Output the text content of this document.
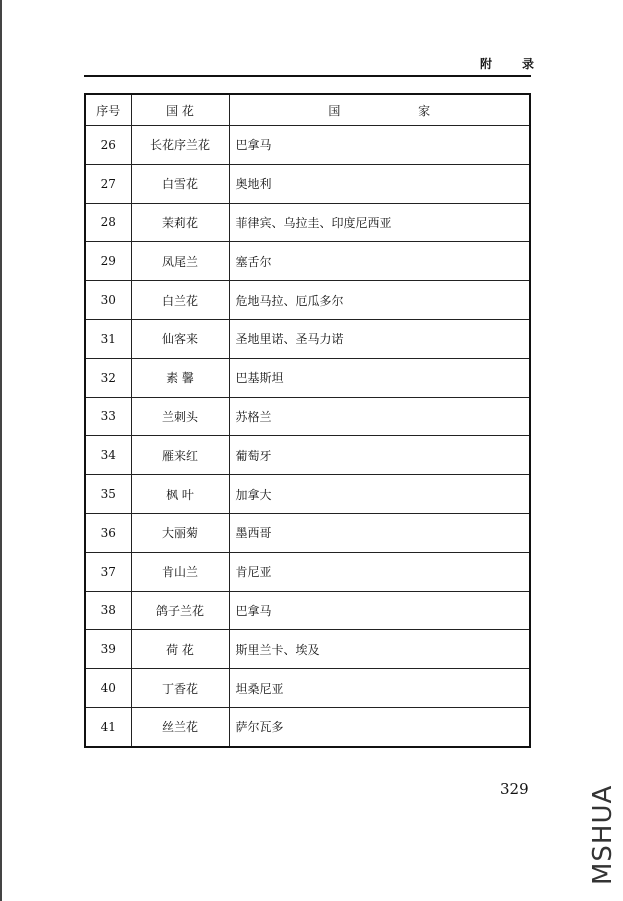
附 录
序号	国 花	国 家

26	长花序兰花	巴拿马
27	白雪花	奥地利
28	茉莉花	菲律宾、乌拉圭、印度尼西亚
29	凤尾兰	塞舌尔
30	白兰花	危地马拉、厄瓜多尔
31	仙客来	圣地里诺、圣马力诺
32	素 馨	巴基斯坦
33	兰刺头	苏格兰
34	雁来红	葡萄牙
35	枫 叶	加拿大
36	大丽菊	墨西哥
37	肯山兰	肯尼亚
38	鸽子兰花	巴拿马
39	荷 花	斯里兰卡、埃及
40	丁香花	坦桑尼亚
41	丝兰花	萨尔瓦多
329 MSHUA
